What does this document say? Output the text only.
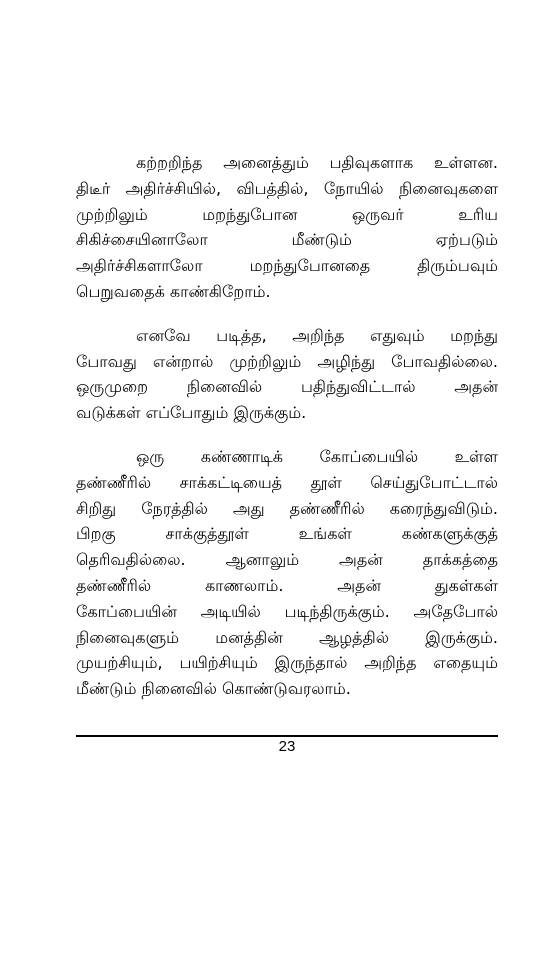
கற்றறிந்த அனைத்தும் பதிவுகளாக உள்ளன.
திடீர் அதிர்ச்சியில், விபத்தில், நோயில் நினைவுகளை
முற்றிலும் மறந்துபோன ஒருவர் உரிய
சிகிச்சையினாலோ மீண்டும் ஏற்படும்
அதிர்ச்சிகளாலோ மறந்துபோனதை திரும்பவும்
பெறுவதைக் காண்கிறோம்.

எனவே படித்த, அறிந்த எதுவும் மறந்து
போவது என்றால் முற்றிலும் அழிந்து போவதில்லை.
ஒருமுறை நினைவில் பதிந்துவிட்டால் அதன்
வடுக்கள் எப்போதும் இருக்கும்.

ஒரு கண்ணாடிக் கோப்பையில் உள்ள
தண்ணீரில் சாக்கட்டியைத் தூள் செய்துபோட்டால்
சிறிது நேரத்தில் அது தண்ணீரில் கரைந்துவிடும்.
பிறகு சாக்குத்தூள் உங்கள் கண்களுக்குத்
தெரிவதில்லை. ஆனாலும் அதன் தாக்கத்தை
தண்ணீரில் காணலாம். அதன் துகள்கள்
கோப்பையின் அடியில் படிந்திருக்கும். அதேபோல்
நினைவுகளும் மனத்தின் ஆழத்தில் இருக்கும்.
முயற்சியும், பயிற்சியும் இருந்தால் அறிந்த எதையும்
மீண்டும் நினைவில் கொண்டுவரலாம்.

23
